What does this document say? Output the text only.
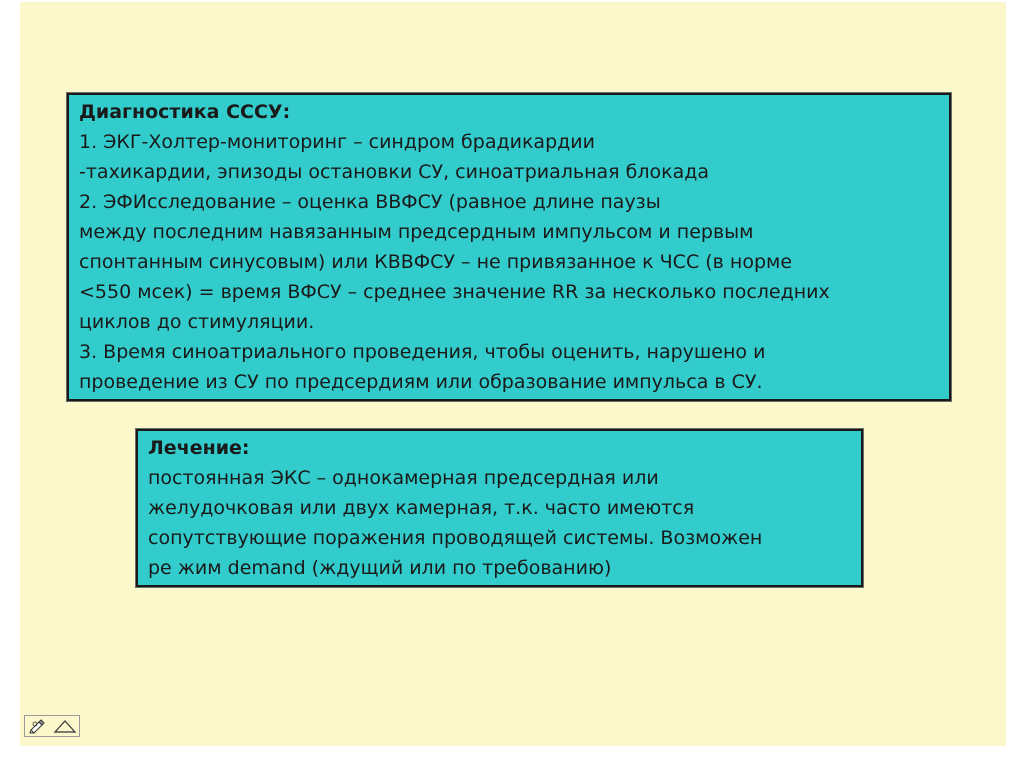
Диагностика СССУ:
1. ЭКГ-Холтер-мониторинг – синдром брадикардии
-тахикардии, эпизоды остановки СУ, синоатриальная блокада
2. ЭФИсследование – оценка ВВФСУ (равное длине паузы
между последним навязанным предсердным импульсом и первым
спонтанным синусовым) или КВВФСУ – не привязанное к ЧСС (в норме
<550 мсек) = время ВФСУ – среднее значение RR за несколько последних
циклов до стимуляции.
3. Время синоатриального проведения, чтобы оценить, нарушено и
проведение из СУ по предсердиям или образование импульса в СУ.
Лечение:
постоянная ЭКС – однокамерная предсердная или
желудочковая или двух камерная, т.к. часто имеются
сопутствующие поражения проводящей системы. Возможен
ре жим demand (ждущий или по требованию)
